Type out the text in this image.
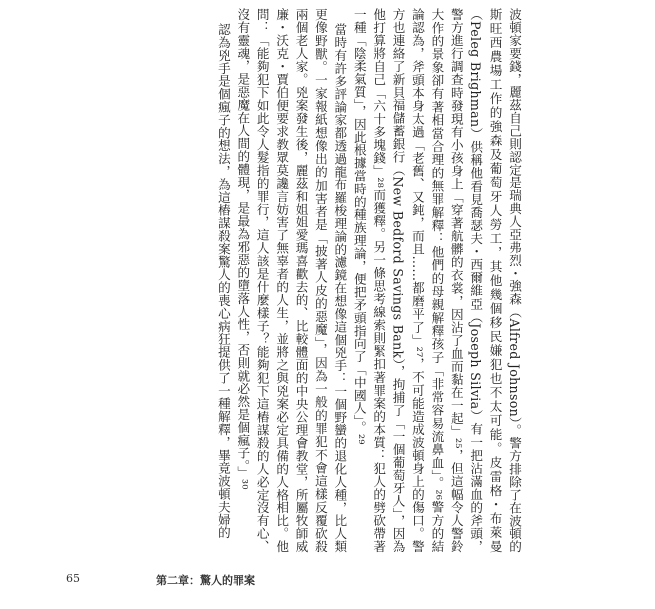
波頓家要錢，麗茲自己則認定是瑞典人亞弗烈・強森（Alfred Johnson）。警方排除了在波頓的斯旺西農場工作的強森及葡萄牙人勞工，其他幾個移民嫌犯也不太可能。皮雷格・布萊曼（Peleg Brighman）供稱他看見喬瑟夫・西爾維亞（Joseph Silvia）有一把沾滿血的斧頭，警方進行調查時發現有小孩身上「穿著航髒的衣裳，因沾了血而黏在一起」²⁵，但這幅令人警鈴大作的景象卻有著相當合理的無罪解釋：他們的母親解釋孩子「非常容易流鼻血」。²⁶警方的結論認為，斧頭本身太過「老舊、又鈍，而且……都磨平了」²⁷，不可能造成波頓身上的傷口。警方也連絡了新貝福儲蓄銀行（New Bedford Savings Bank），拘捕了「一個葡萄牙人」，因為他打算將自己「六十多塊錢」²⁸而獲釋。另一條思考線索則緊扣著罪案的本質：犯人的劈砍帶著一種「陰柔氣質」，因此根據當時的種族理論，便把矛頭指向了「中國人」。²⁹

當時有許多評論家都透過龍布羅梭理論的濾鏡在想像這個兇手：一個野蠻的退化人種，比人類更像野獸。一家報紙想像出的加害者是「披著人皮的惡魔」，因為一般的罪犯不會這樣反覆砍殺兩個老人家。兇案發生後，麗茲和姐姐愛瑪喜歡去的、比較體面的中央公理會教堂，所屬牧師威廉・沃克・賈伯便要求教眾莫讒言妨害了無辜者的人生，並將之與兇案必定具備的人格相比。他問：「能夠犯下如此令人髮指的罪行，這人該是什麼樣子？能夠犯下這樁謀殺的人必定沒有心、沒有靈魂，是惡魔在人間的體現，是最為邪惡的墮落人性，否則就必然是個瘋子。」³⁰

認為兇手是個瘋子的想法，為這樁謀殺案驚人的喪心病狂提供了一種解釋，畢竟波頓夫婦的

65	第二章：驚人的罪案
